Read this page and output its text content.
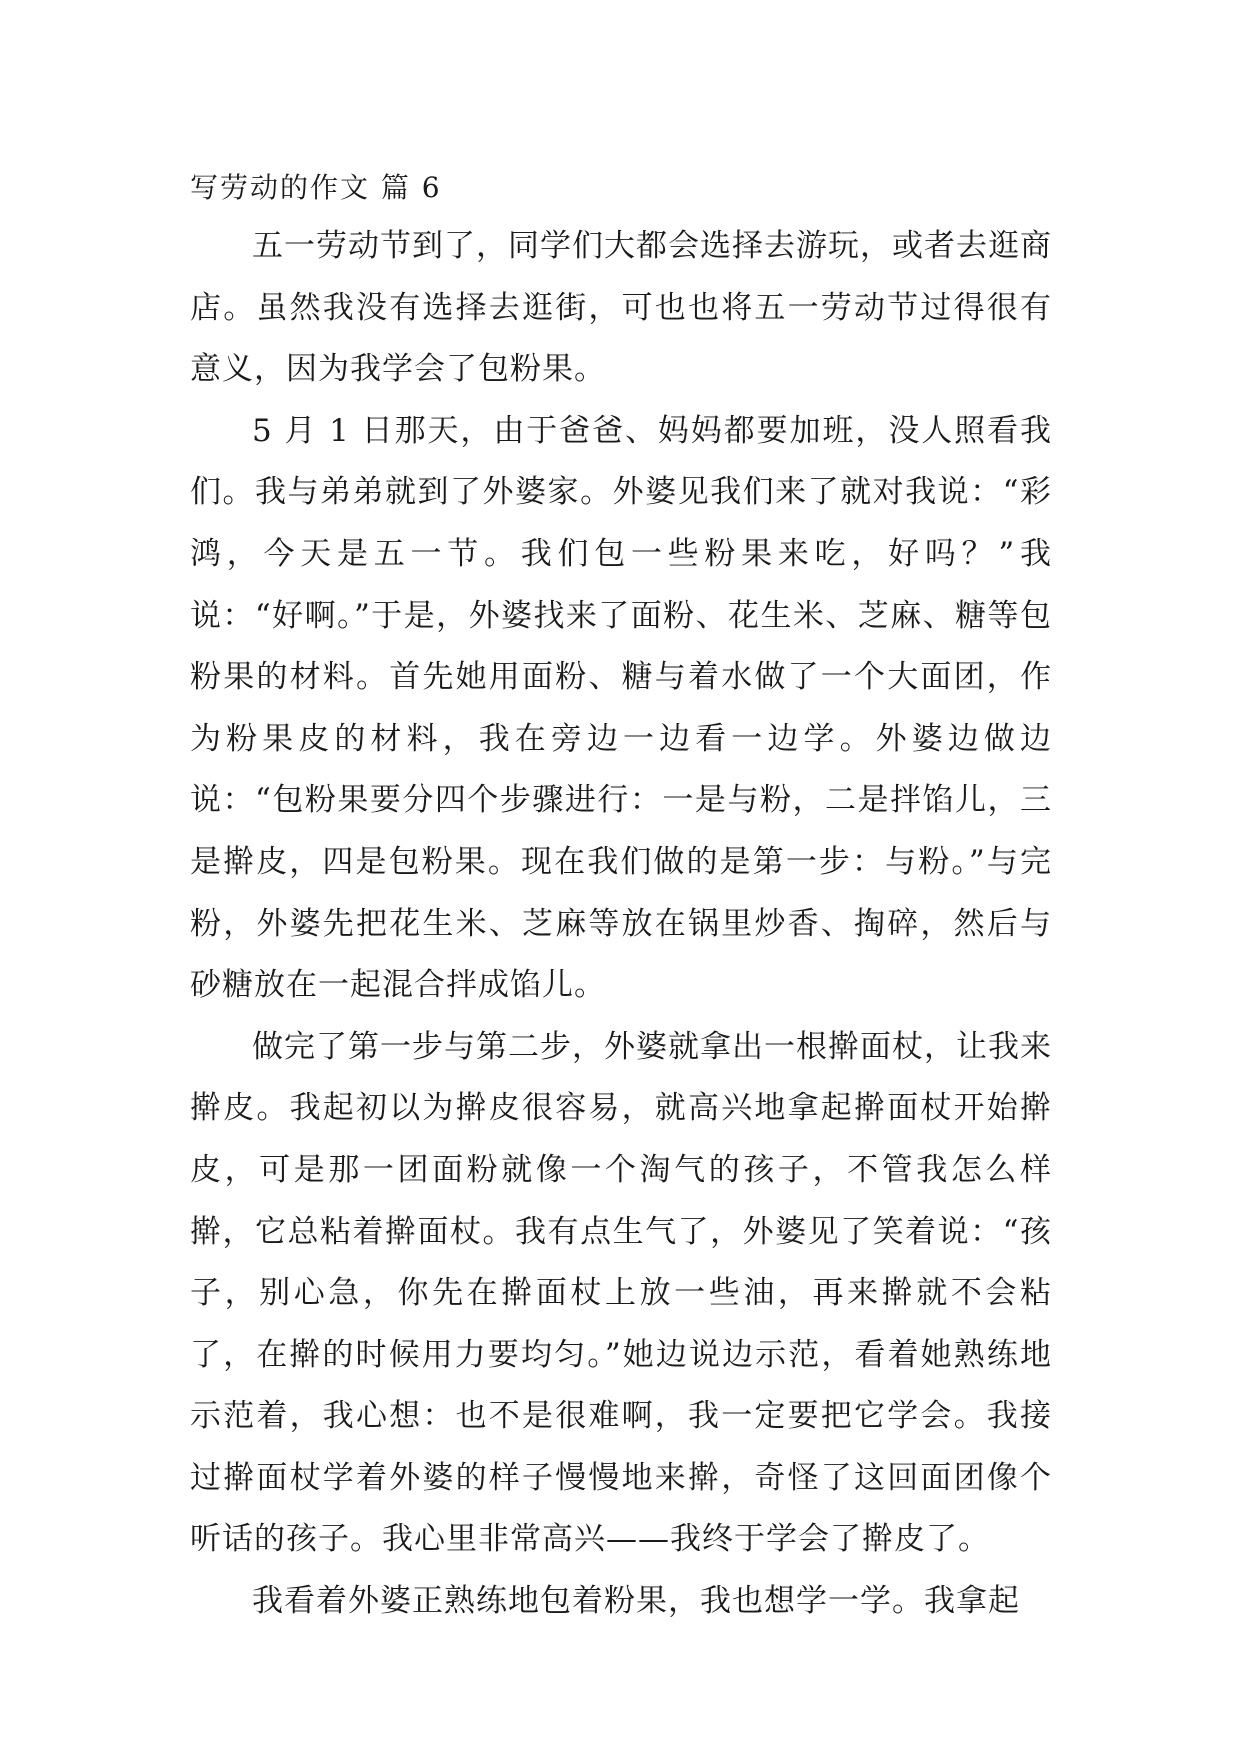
写劳动的作文 篇 6

五一劳动节到了，同学们大都会选择去游玩，或者去逛商店。虽然我没有选择去逛街，可也也将五一劳动节过得很有意义，因为我学会了包粉果。

5 月 1 日那天，由于爸爸、妈妈都要加班，没人照看我们。我与弟弟就到了外婆家。外婆见我们来了就对我说：“彩鸿，今天是五一节。我们包一些粉果来吃，好吗？”我说：“好啊。”于是，外婆找来了面粉、花生米、芝麻、糖等包粉果的材料。首先她用面粉、糖与着水做了一个大面团，作为粉果皮的材料，我在旁边一边看一边学。外婆边做边说：“包粉果要分四个步骤进行：一是与粉，二是拌馅儿，三是擀皮，四是包粉果。现在我们做的是第一步：与粉。”与完粉，外婆先把花生米、芝麻等放在锅里炒香、掏碎，然后与砂糖放在一起混合拌成馅儿。

做完了第一步与第二步，外婆就拿出一根擀面杖，让我来擀皮。我起初以为擀皮很容易，就高兴地拿起擀面杖开始擀皮，可是那一团面粉就像一个淘气的孩子，不管我怎么样擀，它总粘着擀面杖。我有点生气了，外婆见了笑着说：“孩子，别心急，你先在擀面杖上放一些油，再来擀就不会粘了，在擀的时候用力要均匀。”她边说边示范，看着她熟练地示范着，我心想：也不是很难啊，我一定要把它学会。我接过擀面杖学着外婆的样子慢慢地来擀，奇怪了这回面团像个听话的孩子。我心里非常高兴——我终于学会了擀皮了。

我看着外婆正熟练地包着粉果，我也想学一学。我拿起
